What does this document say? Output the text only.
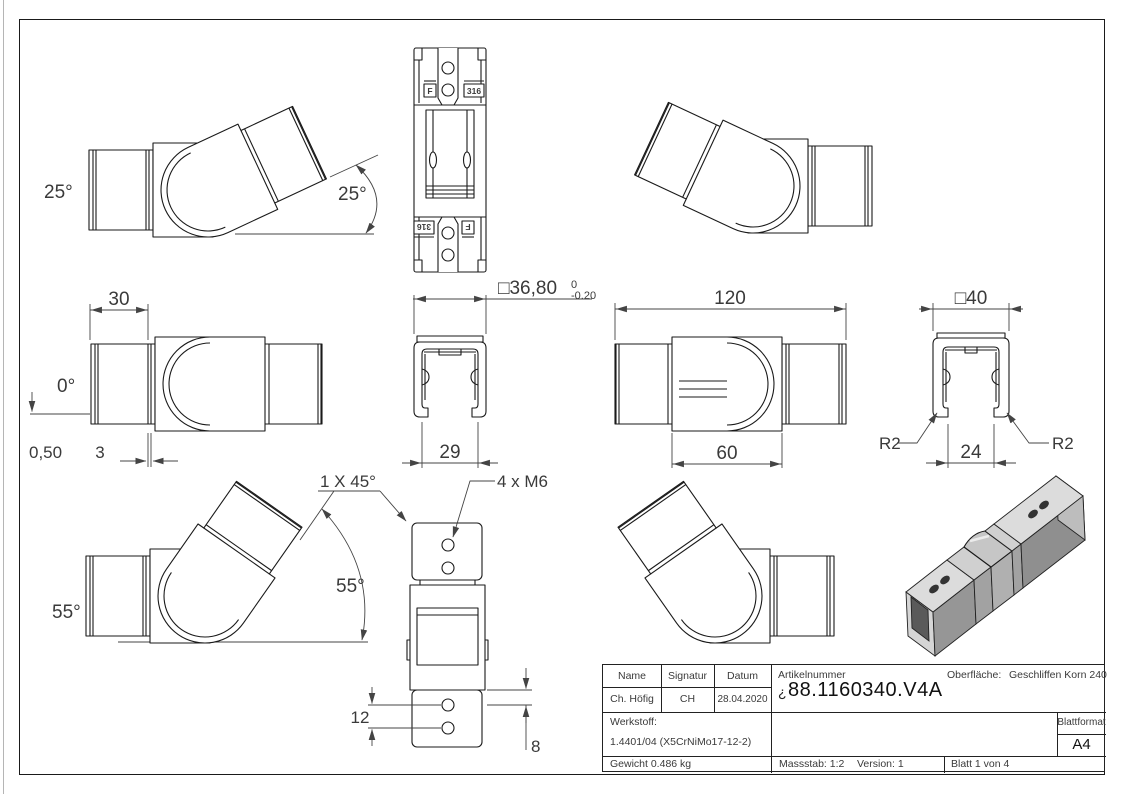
25°
25°
F	316
F
316
30
0°
0,50 3
□36,80 0
-0.20
29
120
60
□40
R2	R2
24
55°
55°
1 X 45°	4 x M6
12
8
Name	Signatur	Datum
Ch. Höfig	CH	28.04.2020
Artikelnummer
¿ 88.1160340.V4A
Oberfläche: Geschliffen Korn 240
Werkstoff:
1.4401/04 (X5CrNiMo17-12-2)
Blattformat
A4
Gewicht 0.486 kg	Massstab: 1:2 Version: 1	Blatt 1 von 4
